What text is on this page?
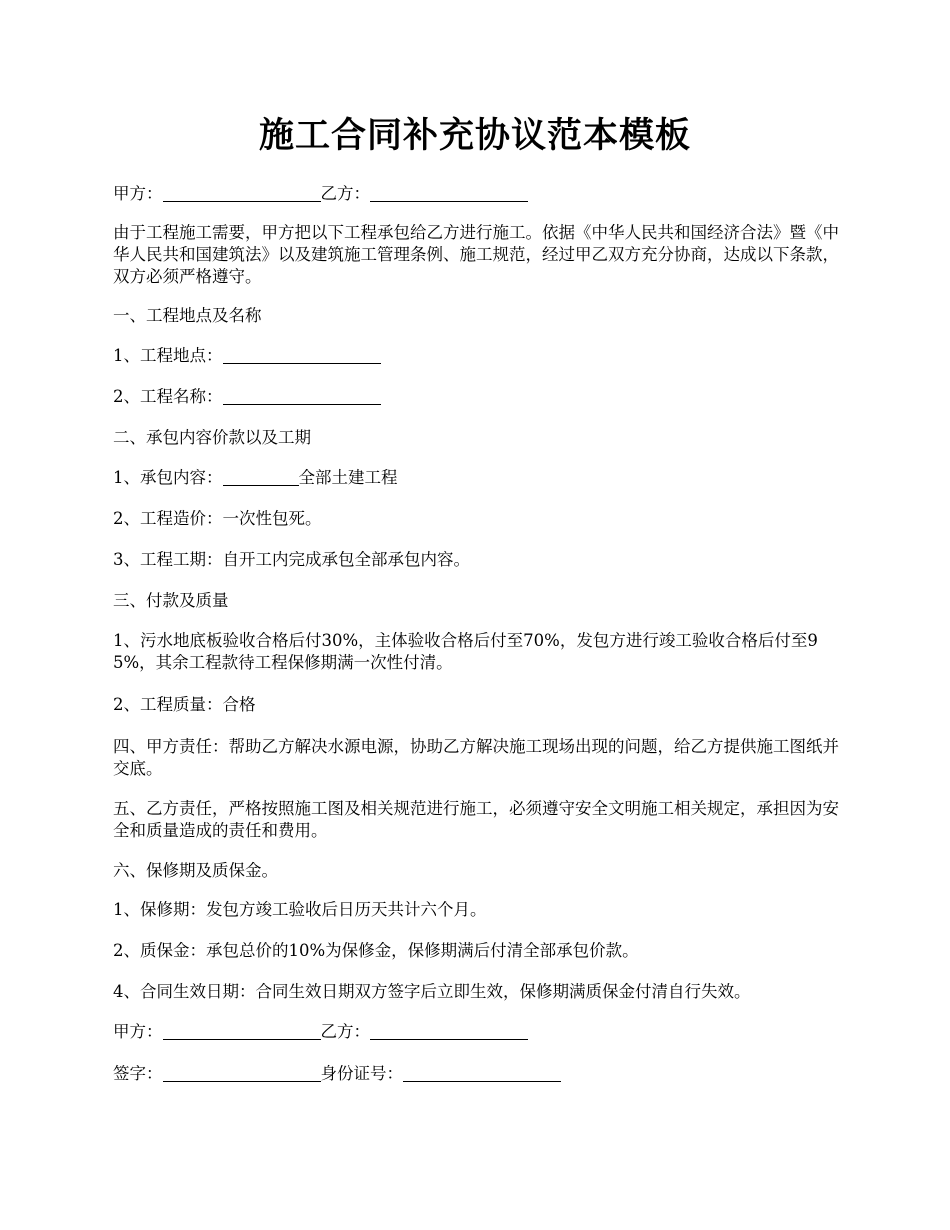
施工合同补充协议范本模板

甲方：	乙方：

由于工程施工需要，甲方把以下工程承包给乙方进行施工。依据《中华人民共和国经济合法》暨《中华人民共和国建筑法》以及建筑施工管理条例、施工规范，经过甲乙双方充分协商，达成以下条款，双方必须严格遵守。

一、工程地点及名称

1、工程地点：

2、工程名称：

二、承包内容价款以及工期

1、承包内容：	全部土建工程

2、工程造价：一次性包死。

3、工程工期：自开工内完成承包全部承包内容。

三、付款及质量

1、污水地底板验收合格后付30%，主体验收合格后付至70%，发包方进行竣工验收合格后付至95%，其余工程款待工程保修期满一次性付清。

2、工程质量：合格

四、甲方责任：帮助乙方解决水源电源，协助乙方解决施工现场出现的问题，给乙方提供施工图纸并交底。

五、乙方责任，严格按照施工图及相关规范进行施工，必须遵守安全文明施工相关规定，承担因为安全和质量造成的责任和费用。

六、保修期及质保金。

1、保修期：发包方竣工验收后日历天共计六个月。

2、质保金：承包总价的10%为保修金，保修期满后付清全部承包价款。

4、合同生效日期：合同生效日期双方签字后立即生效，保修期满质保金付清自行失效。

甲方：	乙方：

签字：	身份证号：
